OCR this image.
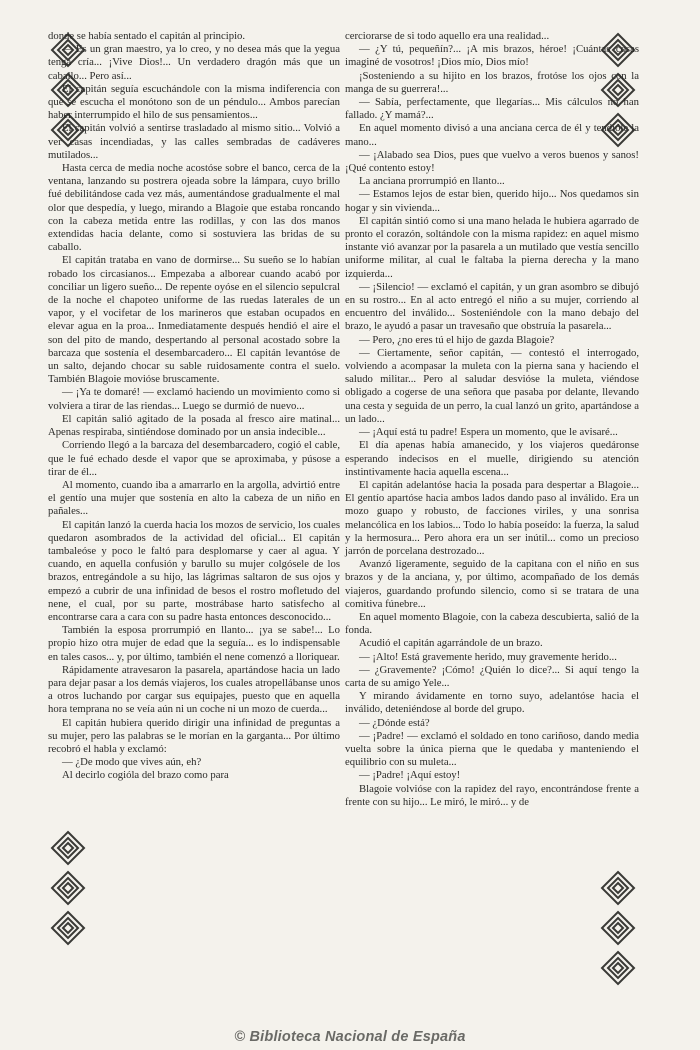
donde se había sentado el capitán al principio.

— Es un gran maestro, ya lo creo, y no desea más que la yegua tenga cría... ¡Vive Dios!... Un verdadero dragón más que un caballo... Pero así...

El capitán seguía escuchándole con la misma indiferencia con que se escucha el monótono son de un péndulo... Ambos parecían haber interrumpido el hilo de sus pensamientos...

El capitán volvió a sentirse trasladado al mismo sitio... Volvió a ver casas incendiadas, y las calles sembradas de cadáveres mutilados...

Hasta cerca de media noche acostóse sobre el banco, cerca de la ventana, lanzando su postrera ojeada sobre la lámpara, cuyo brillo fué debilitándose cada vez más, aumentándose gradualmente el mal olor que despedía, y luego, mirando a Blagoie que estaba roncando con la cabeza metida entre las rodillas, y con las dos manos extendidas hacia delante, como si sostuviera las bridas de su caballo.

El capitán trataba en vano de dormirse... Su sueño se lo habían robado los circasianos... Empezaba a alborear cuando acabó por conciliar un ligero sueño... De repente oyóse en el silencio sepulcral de la noche el chapoteo uniforme de las ruedas laterales de un vapor, y el vocifetar de los marineros que estaban ocupados en elevar agua en la proa... Inmediatamente después hendió el aire el son del pito de mando, despertando al personal acostado sobre la barcaza que sostenía el desembarcadero... El capitán levantóse de un salto, dejando chocar su sable ruidosamente contra el suelo. También Blagoie movióse bruscamente.

— ¡Ya te domaré! — exclamó haciendo un movimiento como si volviera a tirar de las riendas... Luego se durmió de nuevo...

El capitán salió agitado de la posada al fresco aire matinal... Apenas respiraba, sintiéndose dominado por un ansia indecible...

Corriendo llegó a la barcaza del desembarcadero, cogió el cable, que le fué echado desde el vapor que se aproximaba, y púsose a tirar de él...

Al momento, cuando iba a amarrarlo en la argolla, advirtió entre el gentío una mujer que sostenía en alto la cabeza de un niño en pañales...

El capitán lanzó la cuerda hacia los mozos de servicio, los cuales quedaron asombrados de la actividad del oficial... El capitán tambaleóse y poco le faltó para desplomarse y caer al agua. Y cuando, en aquella confusión y barullo su mujer colgósele de los brazos, entregándole a su hijo, las lágrimas saltaron de sus ojos y empezó a cubrir de una infinidad de besos el rostro mofletudo del nene, el cual, por su parte, mostrábase harto satisfecho al encontrarse cara a cara con su padre hasta entonces desconocido...

También la esposa prorrumpió en llanto... ¡ya se sabe!... Lo propio hizo otra mujer de edad que la seguía... es lo indispensable en tales casos... y, por último, también el nene comenzó a lloriquear.

Rápidamente atravesaron la pasarela, apartándose hacia un lado para dejar pasar a los demás viajeros, los cuales atropellábanse unos a otros luchando por cargar sus equipajes, puesto que en aquella hora temprana no se veía aún ni un coche ni un mozo de cuerda...

El capitán hubiera querido dirigir una infinidad de preguntas a su mujer, pero las palabras se le morían en la garganta... Por último recobró el habla y exclamó:

— ¿De modo que vives aún, eh?

Al decirlo cogióla del brazo como para

cerciorarse de si todo aquello era una realidad...

— ¿Y tú, pequeñín?... ¡A mis brazos, héroe! ¡Cuántas cosas imaginé de vosotros! ¡Dios mío, Dios mío!

¡Sosteniendo a su hijito en los brazos, frotóse los ojos con la manga de su guerrera!...

— Sabía, perfectamente, que llegarías... Mis cálculos no han fallado. ¿Y mamá?...

En aquel momento divisó a una anciana cerca de él y tendióle la mano...

— ¡Alabado sea Dios, pues que vuelvo a veros buenos y sanos! ¡Qué contento estoy!

La anciana prorrumpió en llanto...

— Estamos lejos de estar bien, querido hijo... Nos quedamos sin hogar y sin vivienda...

El capitán sintió como si una mano helada le hubiera agarrado de pronto el corazón, soltándole con la misma rapidez: en aquel mismo instante vió avanzar por la pasarela a un mutilado que vestía sencillo uniforme militar, al cual le faltaba la pierna derecha y la mano izquierda...

— ¡Silencio! — exclamó el capitán, y un gran asombro se dibujó en su rostro... En al acto entregó el niño a su mujer, corriendo al encuentro del inválido... Sosteniéndole con la mano debajo del brazo, le ayudó a pasar un travesaño que obstruía la pasarela...

— Pero, ¿no eres tú el hijo de gazda Blagoie?

— Ciertamente, señor capitán, — contestó el interrogado, volviendo a acompasar la muleta con la pierna sana y haciendo el saludo militar... Pero al saludar desvióse la muleta, viéndose obligado a cogerse de una señora que pasaba por delante, llevando una cesta y seguida de un perro, la cual lanzó un grito, apartándose a un lado...

— ¡Aquí está tu padre! Espera un momento, que le avisaré...

El día apenas había amanecido, y los viajeros quedáronse esperando indecisos en el muelle, dirigiendo su atención instintivamente hacia aquella escena...

El capitán adelantóse hacia la posada para despertar a Blagoie... El gentío apartóse hacia ambos lados dando paso al inválido. Era un mozo guapo y robusto, de facciones viriles, y una sonrisa melancólica en los labios... Todo lo había poseído: la fuerza, la salud y la hermosura... Pero ahora era un ser inútil... como un precioso jarrón de porcelana destrozado...

Avanzó ligeramente, seguido de la capitana con el niño en sus brazos y de la anciana, y, por último, acompañado de los demás viajeros, guardando profundo silencio, como si se tratara de una comitiva fúnebre...

En aquel momento Blagoie, con la cabeza descubierta, salió de la fonda.

Acudió el capitán agarrándole de un brazo.

— ¡Alto! Está gravemente herido, muy gravemente herido...

— ¿Gravemente? ¡Cómo! ¿Quién lo dice?... Si aquí tengo la carta de su amigo Yele...

Y mirando ávidamente en torno suyo, adelantóse hacia el inválido, deteniéndose al borde del grupo.

— ¿Dónde está?

— ¡Padre! — exclamó el soldado en tono cariñoso, dando media vuelta sobre la única pierna que le quedaba y manteniendo el equilibrio con su muleta...

— ¡Padre! ¡Aquí estoy!

Blagoie volvióse con la rapidez del rayo, encontrándose frente a frente con su hijo... Le miró, le miró... y de

© Biblioteca Nacional de España
